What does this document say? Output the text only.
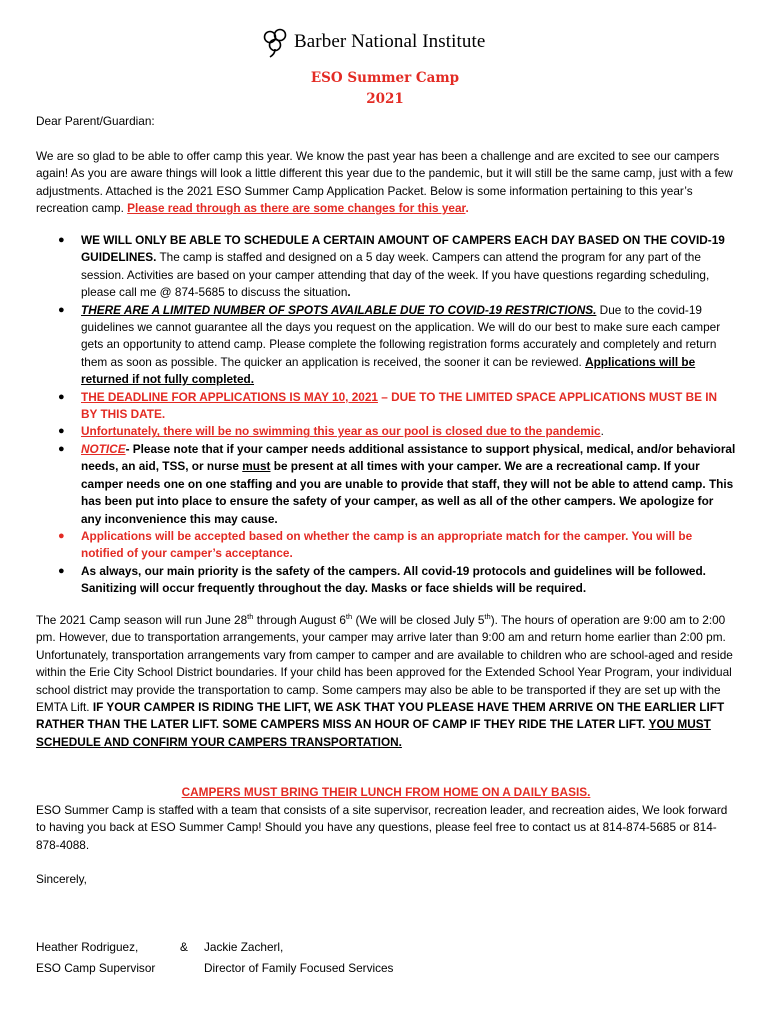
Barber National Institute
ESO Summer Camp
2021
Dear Parent/Guardian:
We are so glad to be able to offer camp this year. We know the past year has been a challenge and are excited to see our campers again! As you are aware things will look a little different this year due to the pandemic, but it will still be the same camp, just with a few adjustments. Attached is the 2021 ESO Summer Camp Application Packet. Below is some information pertaining to this year’s recreation camp. Please read through as there are some changes for this year.
● WE WILL ONLY BE ABLE TO SCHEDULE A CERTAIN AMOUNT OF CAMPERS EACH DAY BASED ON THE COVID-19 GUIDELINES. The camp is staffed and designed on a 5 day week. Campers can attend the program for any part of the session. Activities are based on your camper attending that day of the week. If you have questions regarding scheduling, please call me @ 874-5685 to discuss the situation.
● THERE ARE A LIMITED NUMBER OF SPOTS AVAILABLE DUE TO COVID-19 RESTRICTIONS. Due to the covid-19 guidelines we cannot guarantee all the days you request on the application. We will do our best to make sure each camper gets an opportunity to attend camp. Please complete the following registration forms accurately and completely and return them as soon as possible. The quicker an application is received, the sooner it can be reviewed. Applications will be returned if not fully completed.
● THE DEADLINE FOR APPLICATIONS IS MAY 10, 2021 – DUE TO THE LIMITED SPACE APPLICATIONS MUST BE IN BY THIS DATE.
● Unfortunately, there will be no swimming this year as our pool is closed due to the pandemic.
● NOTICE- Please note that if your camper needs additional assistance to support physical, medical, and/or behavioral needs, an aid, TSS, or nurse must be present at all times with your camper. We are a recreational camp. If your camper needs one on one staffing and you are unable to provide that staff, they will not be able to attend camp. This has been put into place to ensure the safety of your camper, as well as all of the other campers. We apologize for any inconvenience this may cause.
● Applications will be accepted based on whether the camp is an appropriate match for the camper. You will be notified of your camper’s acceptance.
● As always, our main priority is the safety of the campers. All covid-19 protocols and guidelines will be followed. Sanitizing will occur frequently throughout the day. Masks or face shields will be required.
The 2021 Camp season will run June 28th through August 6th (We will be closed July 5th). The hours of operation are 9:00 am to 2:00 pm. However, due to transportation arrangements, your camper may arrive later than 9:00 am and return home earlier than 2:00 pm. Unfortunately, transportation arrangements vary from camper to camper and are available to children who are school-aged and reside within the Erie City School District boundaries. If your child has been approved for the Extended School Year Program, your individual school district may provide the transportation to camp. Some campers may also be able to be transported if they are set up with the EMTA Lift. IF YOUR CAMPER IS RIDING THE LIFT, WE ASK THAT YOU PLEASE HAVE THEM ARRIVE ON THE EARLIER LIFT RATHER THAN THE LATER LIFT. SOME CAMPERS MISS AN HOUR OF CAMP IF THEY RIDE THE LATER LIFT. YOU MUST SCHEDULE AND CONFIRM YOUR CAMPERS TRANSPORTATION.
CAMPERS MUST BRING THEIR LUNCH FROM HOME ON A DAILY BASIS.
ESO Summer Camp is staffed with a team that consists of a site supervisor, recreation leader, and recreation aides, We look forward to having you back at ESO Summer Camp! Should you have any questions, please feel free to contact us at 814-874-5685 or 814-878-4088.
Sincerely,
Heather Rodriguez,
ESO Camp Supervisor
& Jackie Zacherl,
Director of Family Focused Services
